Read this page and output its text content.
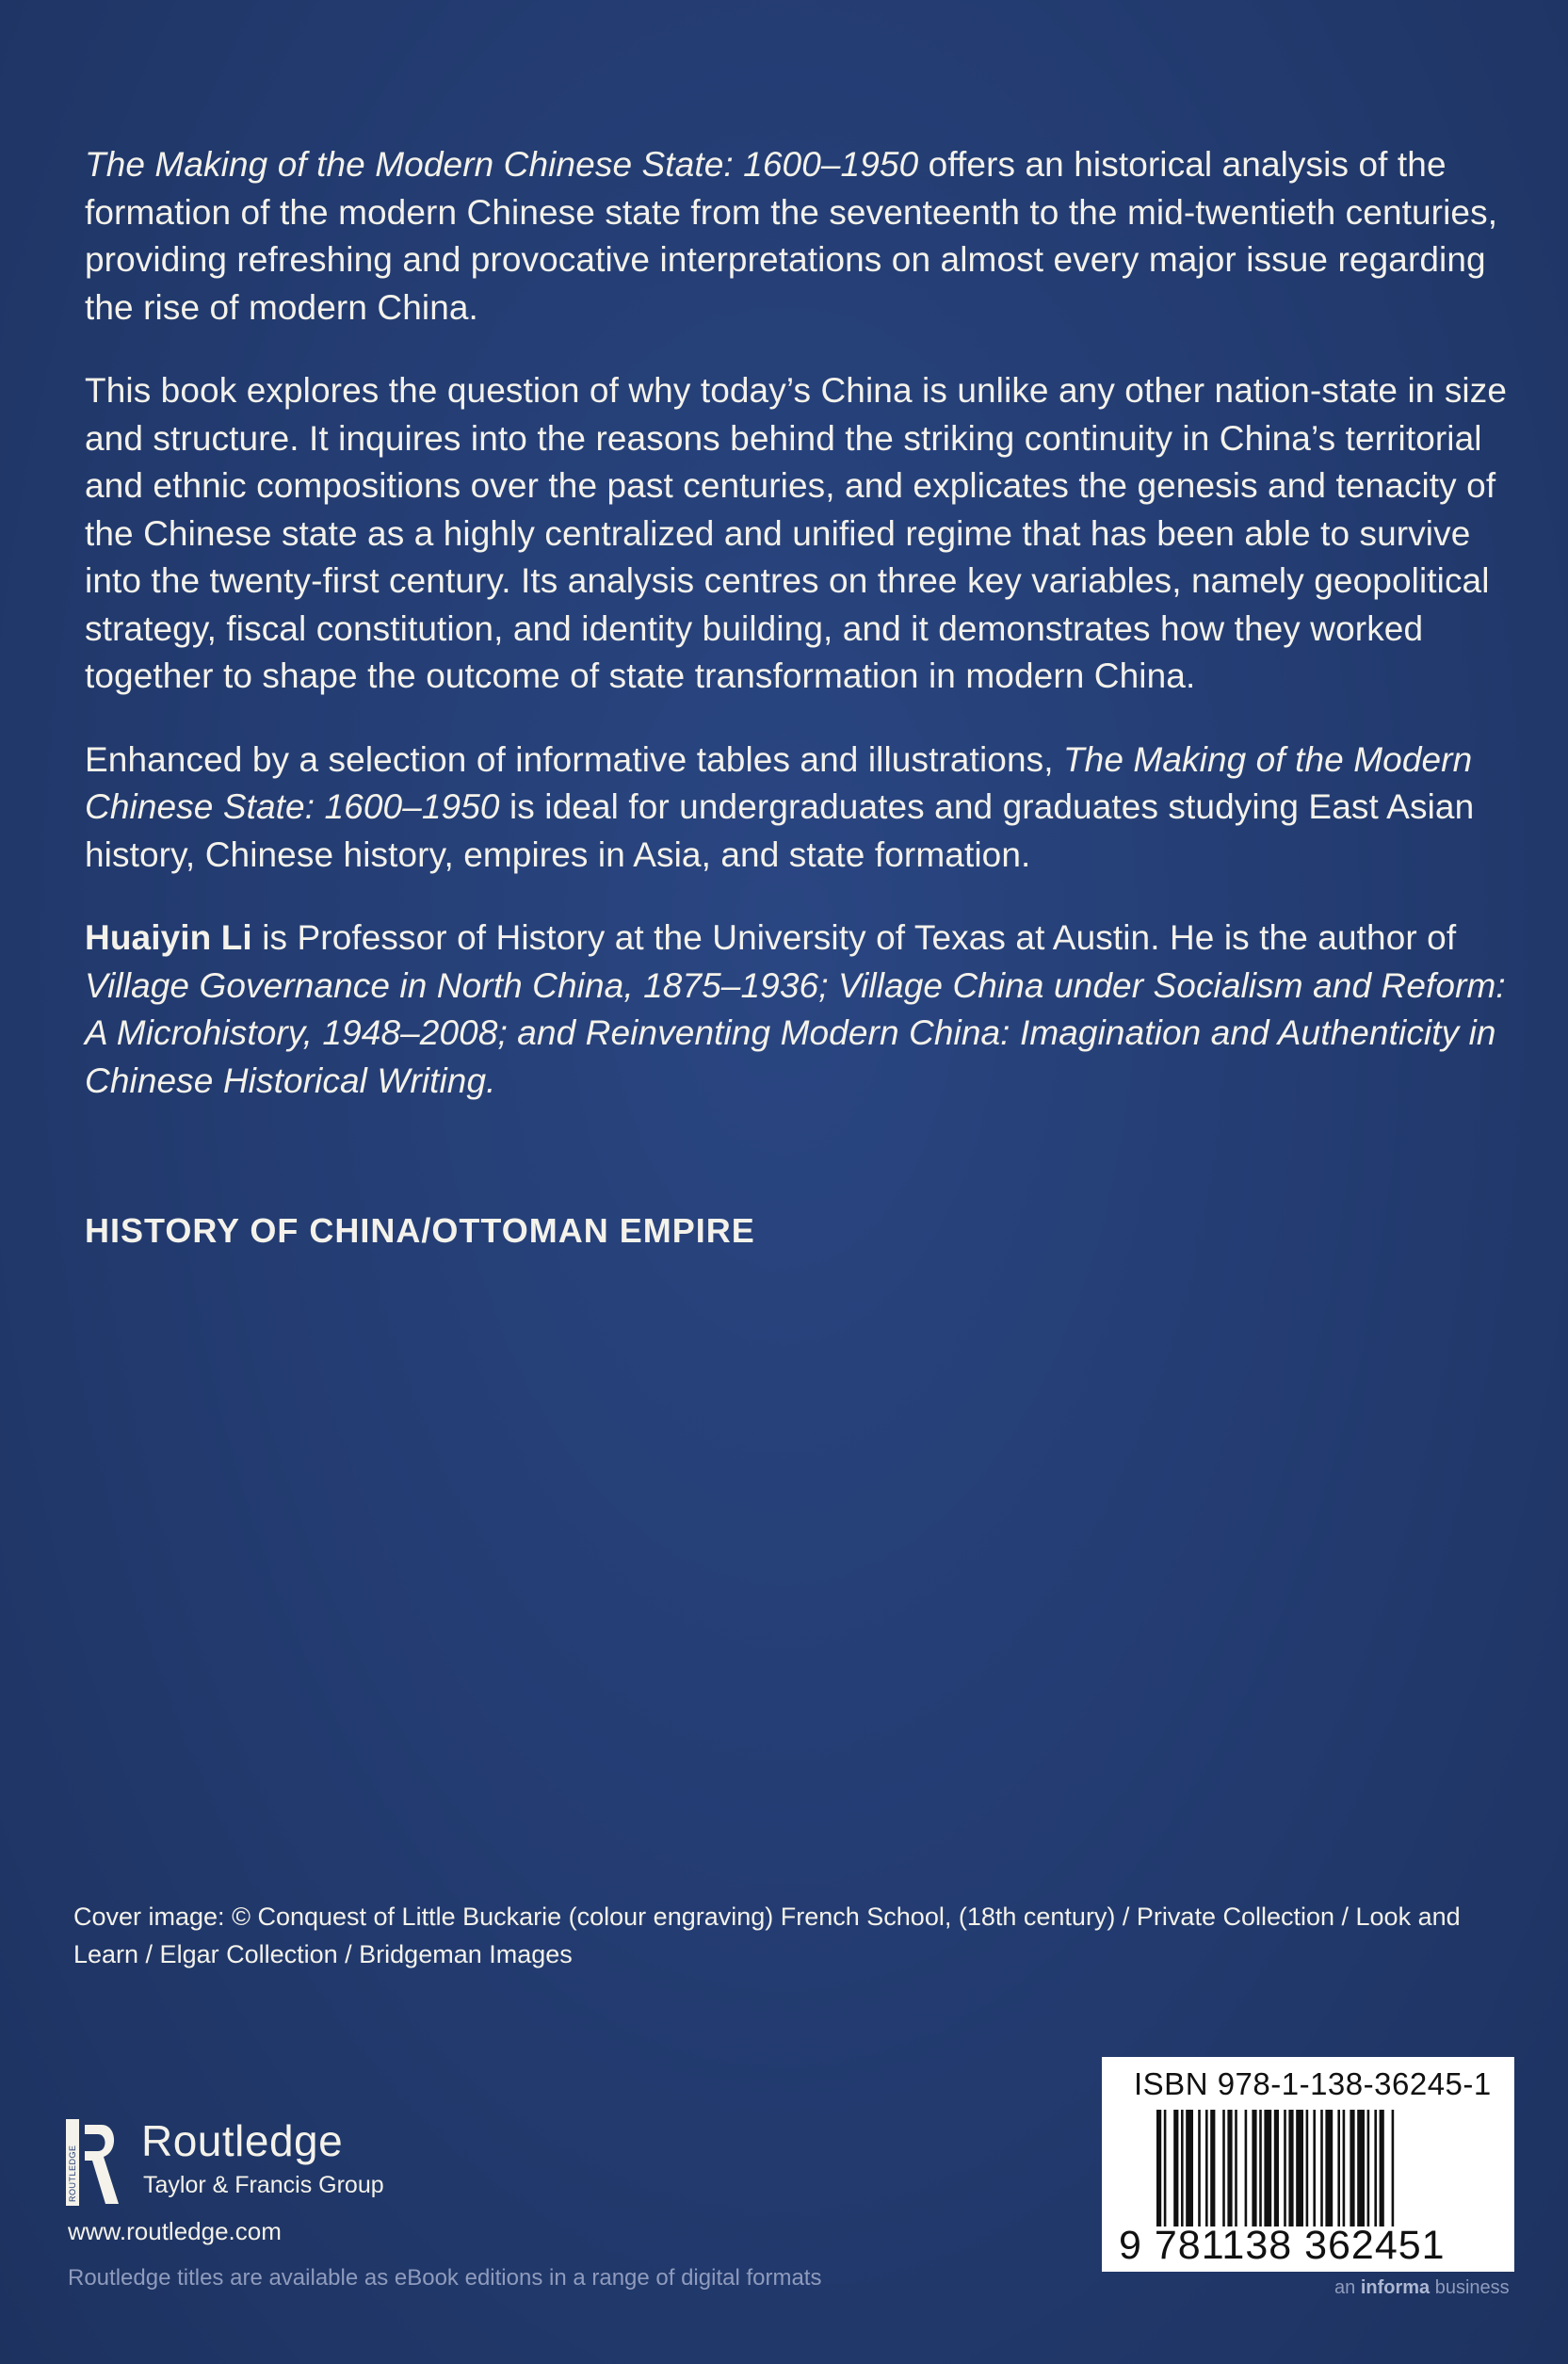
The Making of the Modern Chinese State: 1600–1950 offers an historical analysis of the formation of the modern Chinese state from the seventeenth to the mid-twentieth centuries, providing refreshing and provocative interpretations on almost every major issue regarding the rise of modern China.

This book explores the question of why today’s China is unlike any other nation-state in size and structure. It inquires into the reasons behind the striking continuity in China’s territorial and ethnic compositions over the past centuries, and explicates the genesis and tenacity of the Chinese state as a highly centralized and unified regime that has been able to survive into the twenty-first century. Its analysis centres on three key variables, namely geopolitical strategy, fiscal constitution, and identity building, and it demonstrates how they worked together to shape the outcome of state transformation in modern China.

Enhanced by a selection of informative tables and illustrations, The Making of the Modern Chinese State: 1600–1950 is ideal for undergraduates and graduates studying East Asian history, Chinese history, empires in Asia, and state formation.

Huaiyin Li is Professor of History at the University of Texas at Austin. He is the author of Village Governance in North China, 1875–1936; Village China under Socialism and Reform: A Microhistory, 1948–2008; and Reinventing Modern China: Imagination and Authenticity in Chinese Historical Writing.

HISTORY OF CHINA/OTTOMAN EMPIRE
Cover image: © Conquest of Little Buckarie (colour engraving) French School, (18th century) / Private Collection / Look and Learn / Elgar Collection / Bridgeman Images
ROUTLEDGE
Routledge
Taylor & Francis Group
www.routledge.com
Routledge titles are available as eBook editions in a range of digital formats
ISBN 978-1-138-36245-1
9 781138 362451
an informa business
